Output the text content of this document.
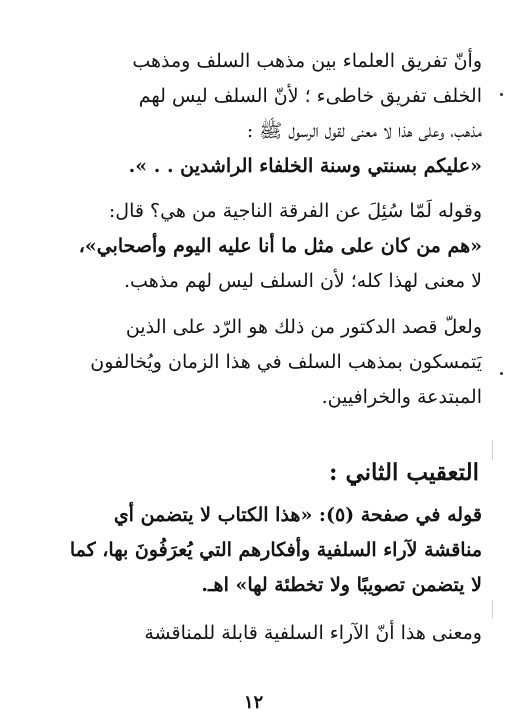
وأنّ تفريق العلماء بين مذهب السلف ومذهب
الخلف تفريق خاطىء ؛ لأنّ السلف ليس لهم
مذهب، وعلى هذا لا معنى لقول الرسول ﷺ :
«عليكم بسنتي وسنة الخلفاء الراشدين . . ».
وقوله لَمّا سُئِلَ عن الفرقة الناجية من هي؟ قال:
«هم من كان على مثل ما أنا عليه اليوم وأصحابي»،
لا معنى لهذا كله؛ لأن السلف ليس لهم مذهب.
ولعلّ قصد الدكتور من ذلك هو الرّد على الذين
يَتمسكون بمذهب السلف في هذا الزمان ويُخالفون
المبتدعة والخرافيين.
التعقيب الثاني :
قوله في صفحة (٥): «هذا الكتاب لا يتضمن أي
مناقشة لآراء السلفية وأفكارهم التي يُعرَفُونَ بها، كما
لا يتضمن تصويبًا ولا تخطئة لها» اهـ.
ومعنى هذا أنّ الآراء السلفية قابلة للمناقشة
١٢
